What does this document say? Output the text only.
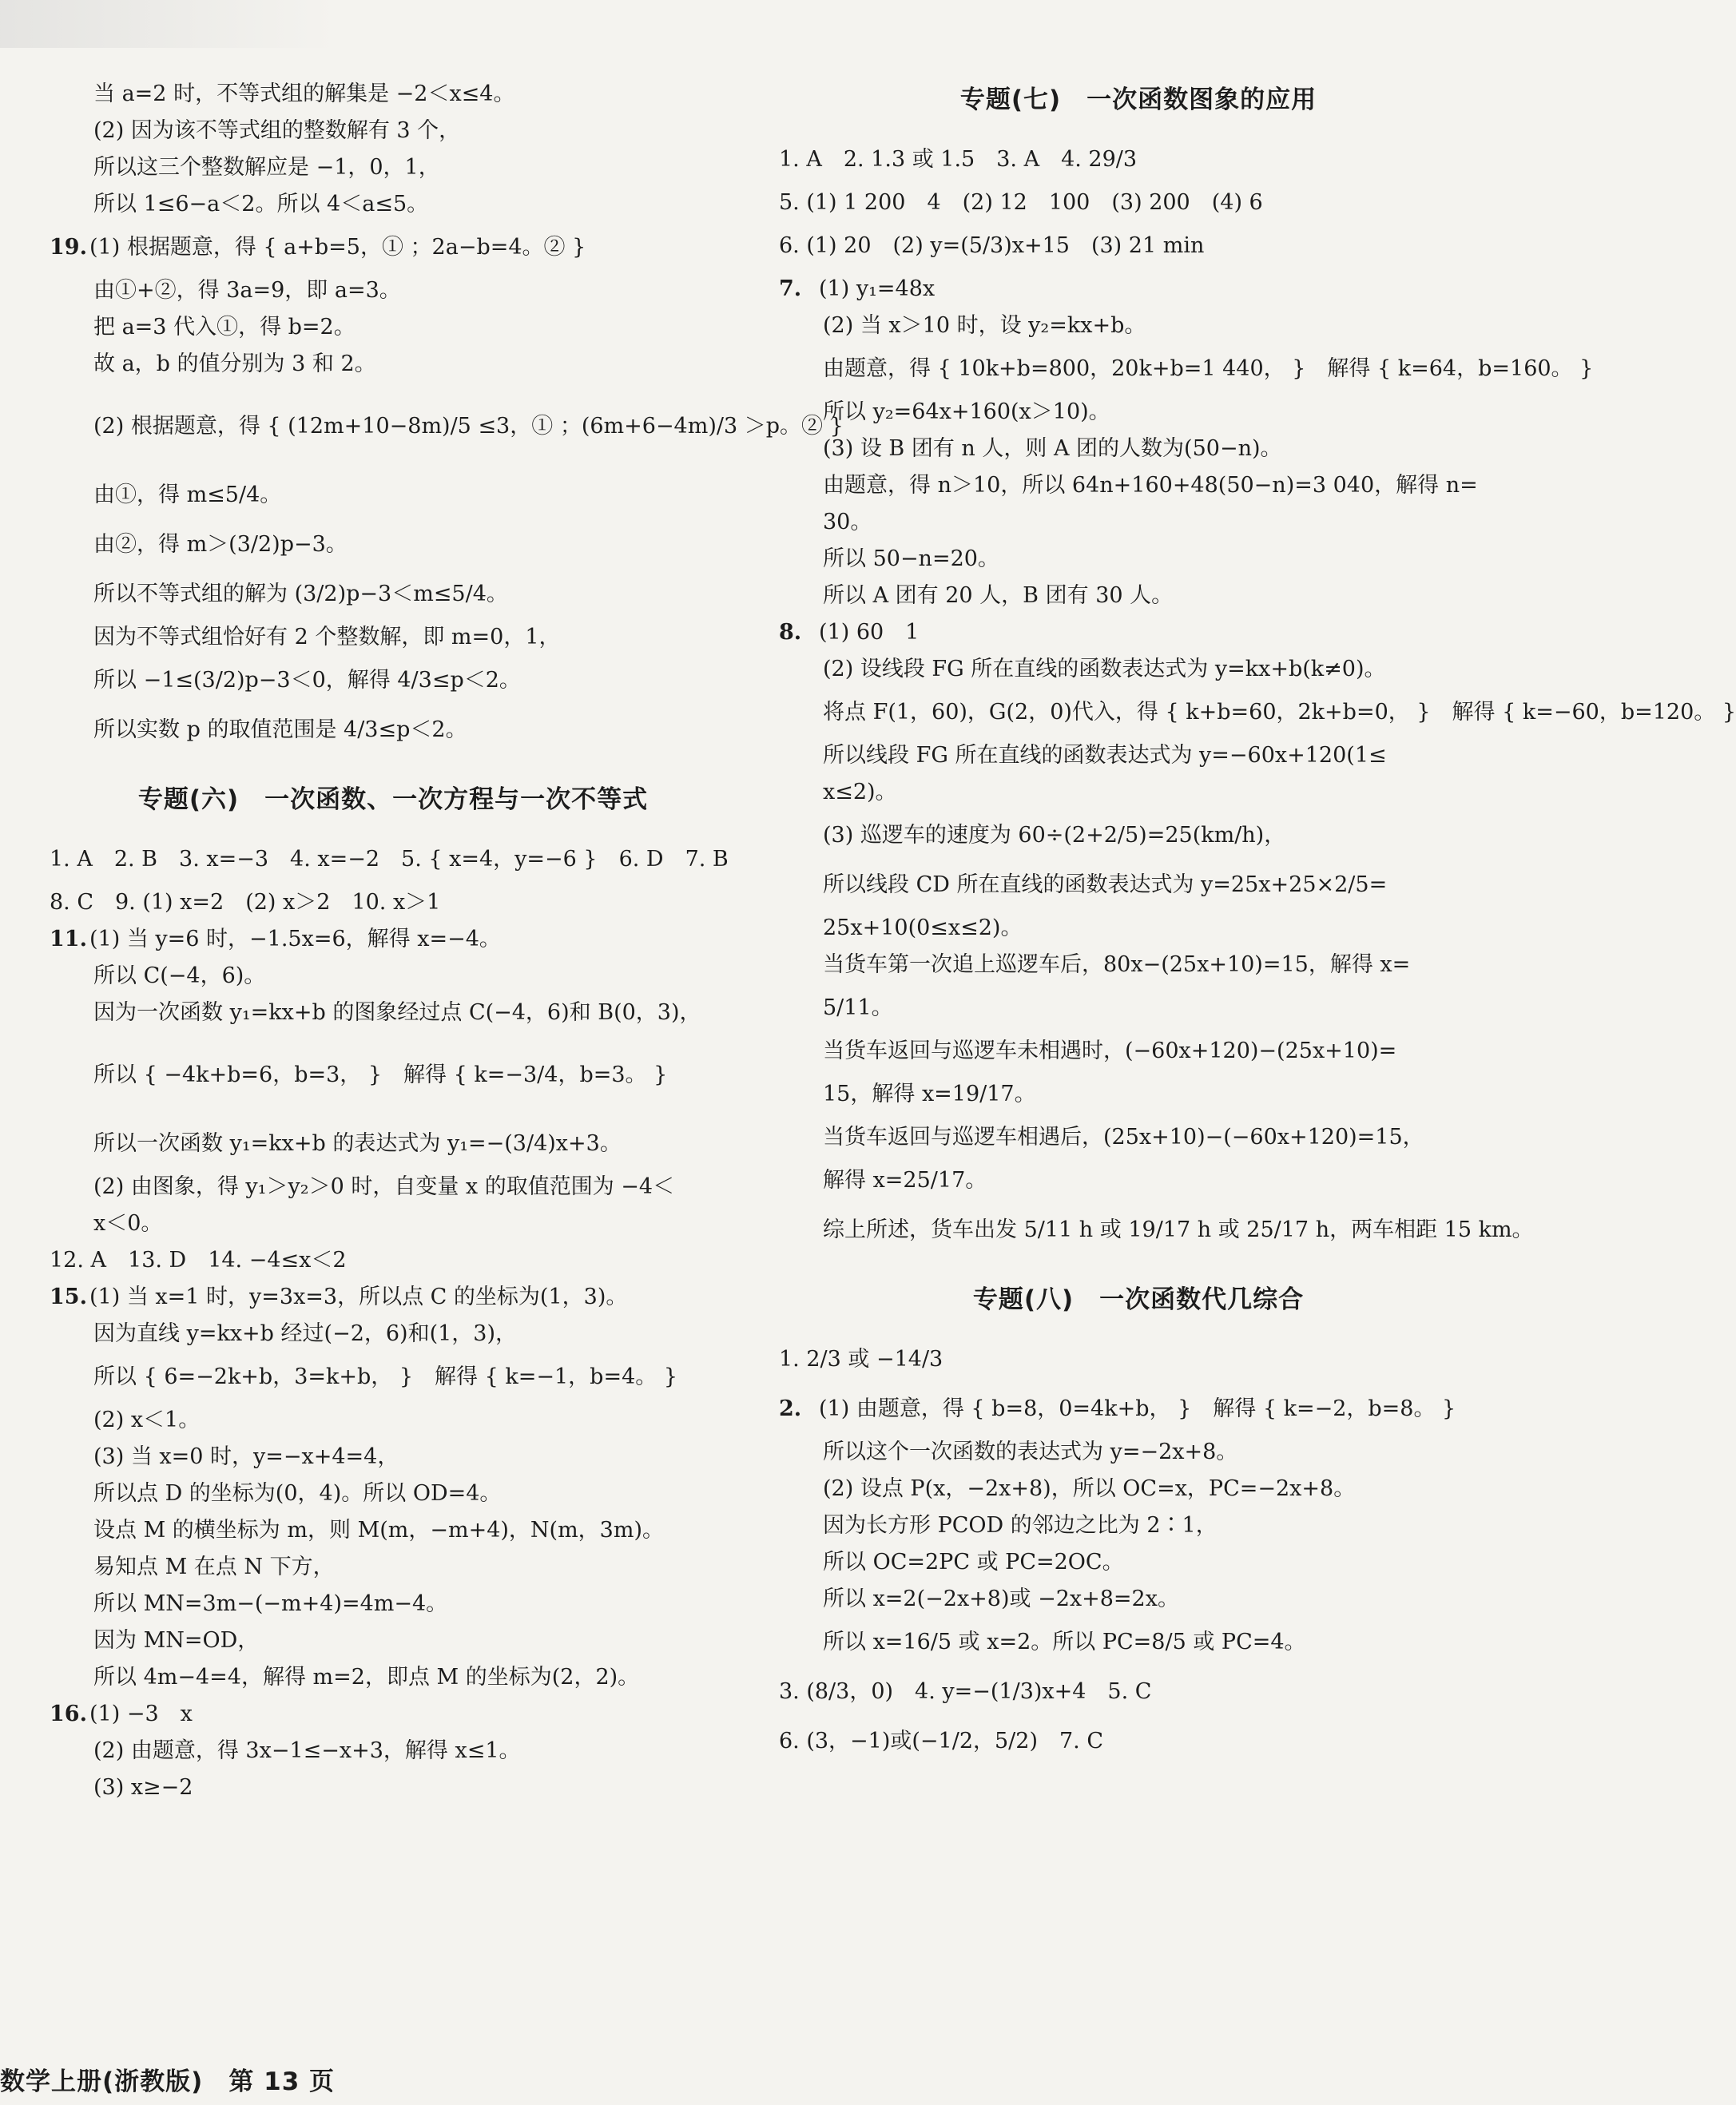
当 a=2 时，不等式组的解集是 −2＜x≤4。
(2) 因为该不等式组的整数解有 3 个，
所以这三个整数解应是 −1，0，1，
所以 1≤6−a＜2。所以 4＜a≤5。
19. (1) 根据题意，得 { a+b=5，① ；2a−b=4。② }
由①+②，得 3a=9，即 a=3。
把 a=3 代入①，得 b=2。
故 a，b 的值分别为 3 和 2。
(2) 根据题意，得 { (12m+10−8m)/5 ≤3，① ；(6m+6−4m)/3 ＞p。② }
由①，得 m≤5/4。
由②，得 m＞(3/2)p−3。
所以不等式组的解为 (3/2)p−3＜m≤5/4。
因为不等式组恰好有 2 个整数解，即 m=0，1，
所以 −1≤(3/2)p−3＜0，解得 4/3≤p＜2。
所以实数 p 的取值范围是 4/3≤p＜2。
专题(六)　一次函数、一次方程与一次不等式
1. A　2. B　3. x=−3　4. x=−2　5. { x=4，y=−6 }　6. D　7. B
8. C　9. (1) x=2　(2) x＞2　10. x＞1
11. (1) 当 y=6 时，−1.5x=6，解得 x=−4。
所以 C(−4，6)。
因为一次函数 y₁=kx+b 的图象经过点 C(−4，6)和 B(0，3)，
所以 { −4k+b=6，b=3， }　解得 { k=−3/4，b=3。 }
所以一次函数 y₁=kx+b 的表达式为 y₁=−(3/4)x+3。
(2) 由图象，得 y₁＞y₂＞0 时，自变量 x 的取值范围为 −4＜
x＜0。
12. A　13. D　14. −4≤x＜2
15. (1) 当 x=1 时，y=3x=3，所以点 C 的坐标为(1，3)。
因为直线 y=kx+b 经过(−2，6)和(1，3)，
所以 { 6=−2k+b，3=k+b， }　解得 { k=−1，b=4。 }
(2) x＜1。
(3) 当 x=0 时，y=−x+4=4，
所以点 D 的坐标为(0，4)。所以 OD=4。
设点 M 的横坐标为 m，则 M(m，−m+4)，N(m，3m)。
易知点 M 在点 N 下方，
所以 MN=3m−(−m+4)=4m−4。
因为 MN=OD，
所以 4m−4=4，解得 m=2，即点 M 的坐标为(2，2)。
16. (1) −3　x
(2) 由题意，得 3x−1≤−x+3，解得 x≤1。
(3) x≥−2
专题(七)　一次函数图象的应用
1. A　2. 1.3 或 1.5　3. A　4. 29/3
5. (1) 1 200　4　(2) 12　100　(3) 200　(4) 6
6. (1) 20　(2) y=(5/3)x+15　(3) 21 min
7. (1) y₁=48x
(2) 当 x＞10 时，设 y₂=kx+b。
由题意，得 { 10k+b=800，20k+b=1 440， }　解得 { k=64，b=160。 }
所以 y₂=64x+160(x＞10)。
(3) 设 B 团有 n 人，则 A 团的人数为(50−n)。
由题意，得 n＞10，所以 64n+160+48(50−n)=3 040，解得 n=
30。
所以 50−n=20。
所以 A 团有 20 人，B 团有 30 人。
8. (1) 60　1
(2) 设线段 FG 所在直线的函数表达式为 y=kx+b(k≠0)。
将点 F(1，60)，G(2，0)代入，得 { k+b=60，2k+b=0， }　解得 { k=−60，b=120。 }
所以线段 FG 所在直线的函数表达式为 y=−60x+120(1≤
x≤2)。
(3) 巡逻车的速度为 60÷(2+2/5)=25(km/h)，
所以线段 CD 所在直线的函数表达式为 y=25x+25×2/5=
25x+10(0≤x≤2)。
当货车第一次追上巡逻车后，80x−(25x+10)=15，解得 x=
5/11。
当货车返回与巡逻车未相遇时，(−60x+120)−(25x+10)=
15，解得 x=19/17。
当货车返回与巡逻车相遇后，(25x+10)−(−60x+120)=15，
解得 x=25/17。
综上所述，货车出发 5/11 h 或 19/17 h 或 25/17 h，两车相距 15 km。
专题(八)　一次函数代几综合
1. 2/3 或 −14/3
2. (1) 由题意，得 { b=8，0=4k+b， }　解得 { k=−2，b=8。 }
所以这个一次函数的表达式为 y=−2x+8。
(2) 设点 P(x，−2x+8)，所以 OC=x，PC=−2x+8。
因为长方形 PCOD 的邻边之比为 2∶1，
所以 OC=2PC 或 PC=2OC。
所以 x=2(−2x+8)或 −2x+8=2x。
所以 x=16/5 或 x=2。所以 PC=8/5 或 PC=4。
3. (8/3，0)　4. y=−(1/3)x+4　5. C
6. (3，−1)或(−1/2，5/2)　7. C
数学上册(浙教版)　第 13 页
